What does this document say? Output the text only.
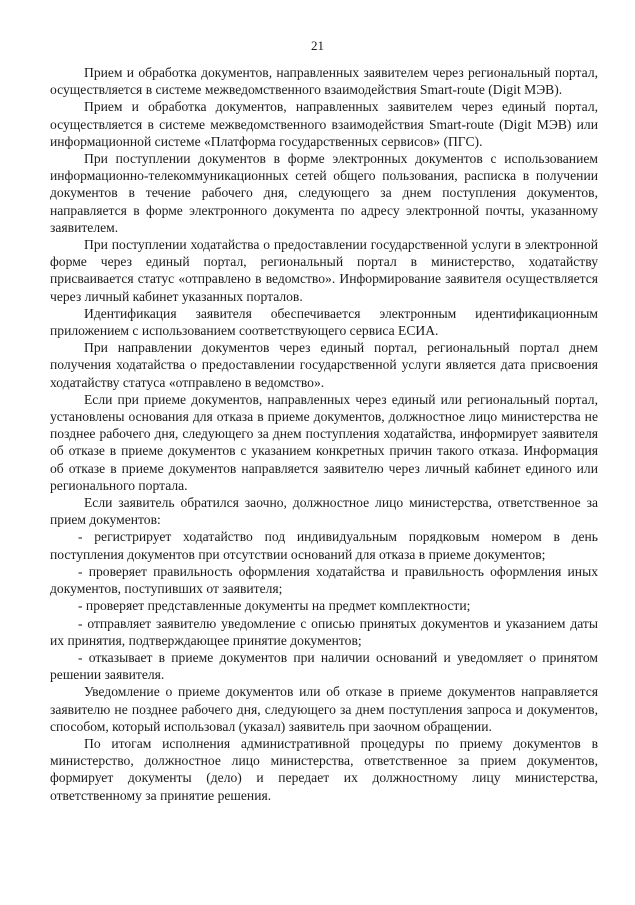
21

Прием и обработка документов, направленных заявителем через региональный портал, осуществляется в системе межведомственного взаимодействия Smart-route (Digit МЭВ).

Прием и обработка документов, направленных заявителем через единый портал, осуществляется в системе межведомственного взаимодействия Smart-route (Digit МЭВ) или информационной системе «Платформа государственных сервисов» (ПГС).

При поступлении документов в форме электронных документов с использованием информационно-телекоммуникационных сетей общего пользования, расписка в получении документов в течение рабочего дня, следующего за днем поступления документов, направляется в форме электронного документа по адресу электронной почты, указанному заявителем.

При поступлении ходатайства о предоставлении государственной услуги в электронной форме через единый портал, региональный портал в министерство, ходатайству присваивается статус «отправлено в ведомство». Информирование заявителя осуществляется через личный кабинет указанных порталов.

Идентификация заявителя обеспечивается электронным идентификационным приложением с использованием соответствующего сервиса ЕСИА.

При направлении документов через единый портал, региональный портал днем получения ходатайства о предоставлении государственной услуги является дата присвоения ходатайству статуса «отправлено в ведомство».

Если при приеме документов, направленных через единый или региональный портал, установлены основания для отказа в приеме документов, должностное лицо министерства не позднее рабочего дня, следующего за днем поступления ходатайства, информирует заявителя об отказе в приеме документов с указанием конкретных причин такого отказа. Информация об отказе в приеме документов направляется заявителю через личный кабинет единого или регионального портала.

Если заявитель обратился заочно, должностное лицо министерства, ответственное за прием документов:

- регистрирует ходатайство под индивидуальным порядковым номером в день поступления документов при отсутствии оснований для отказа в приеме документов;

- проверяет правильность оформления ходатайства и правильность оформления иных документов, поступивших от заявителя;

- проверяет представленные документы на предмет комплектности;

- отправляет заявителю уведомление с описью принятых документов и указанием даты их принятия, подтверждающее принятие документов;

- отказывает в приеме документов при наличии оснований и уведомляет о принятом решении заявителя.

Уведомление о приеме документов или об отказе в приеме документов направляется заявителю не позднее рабочего дня, следующего за днем поступления запроса и документов, способом, который использовал (указал) заявитель при заочном обращении.

По итогам исполнения административной процедуры по приему документов в министерство, должностное лицо министерства, ответственное за прием документов, формирует документы (дело) и передает их должностному лицу министерства, ответственному за принятие решения.
